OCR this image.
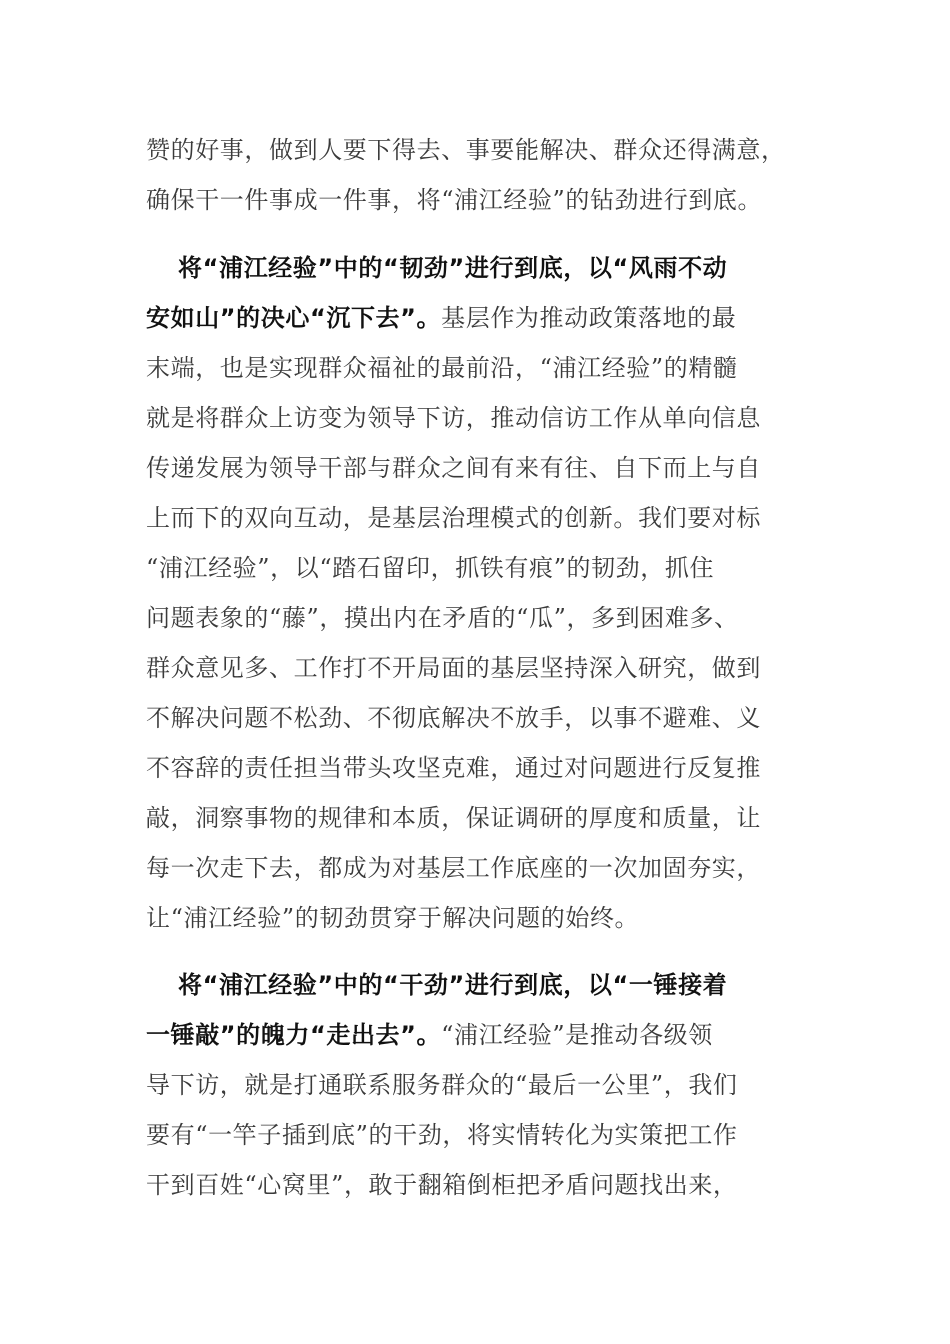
赞的好事，做到人要下得去、事要能解决、群众还得满意，
确保干一件事成一件事，将“浦江经验”的钻劲进行到底。
将“浦江经验”中的“韧劲”进行到底，以“风雨不动
安如山”的决心“沉下去”。基层作为推动政策落地的最
末端，也是实现群众福祉的最前沿，“浦江经验”的精髓
就是将群众上访变为领导下访，推动信访工作从单向信息
传递发展为领导干部与群众之间有来有往、自下而上与自
上而下的双向互动，是基层治理模式的创新。我们要对标
“浦江经验”，以“踏石留印，抓铁有痕”的韧劲，抓住
问题表象的“藤”，摸出内在矛盾的“瓜”，多到困难多、
群众意见多、工作打不开局面的基层坚持深入研究，做到
不解决问题不松劲、不彻底解决不放手，以事不避难、义
不容辞的责任担当带头攻坚克难，通过对问题进行反复推
敲，洞察事物的规律和本质，保证调研的厚度和质量，让
每一次走下去，都成为对基层工作底座的一次加固夯实，
让“浦江经验”的韧劲贯穿于解决问题的始终。
将“浦江经验”中的“干劲”进行到底，以“一锤接着
一锤敲”的魄力“走出去”。“浦江经验”是推动各级领
导下访，就是打通联系服务群众的“最后一公里”，我们
要有“一竿子插到底”的干劲，将实情转化为实策把工作
干到百姓“心窝里”，敢于翻箱倒柜把矛盾问题找出来，
